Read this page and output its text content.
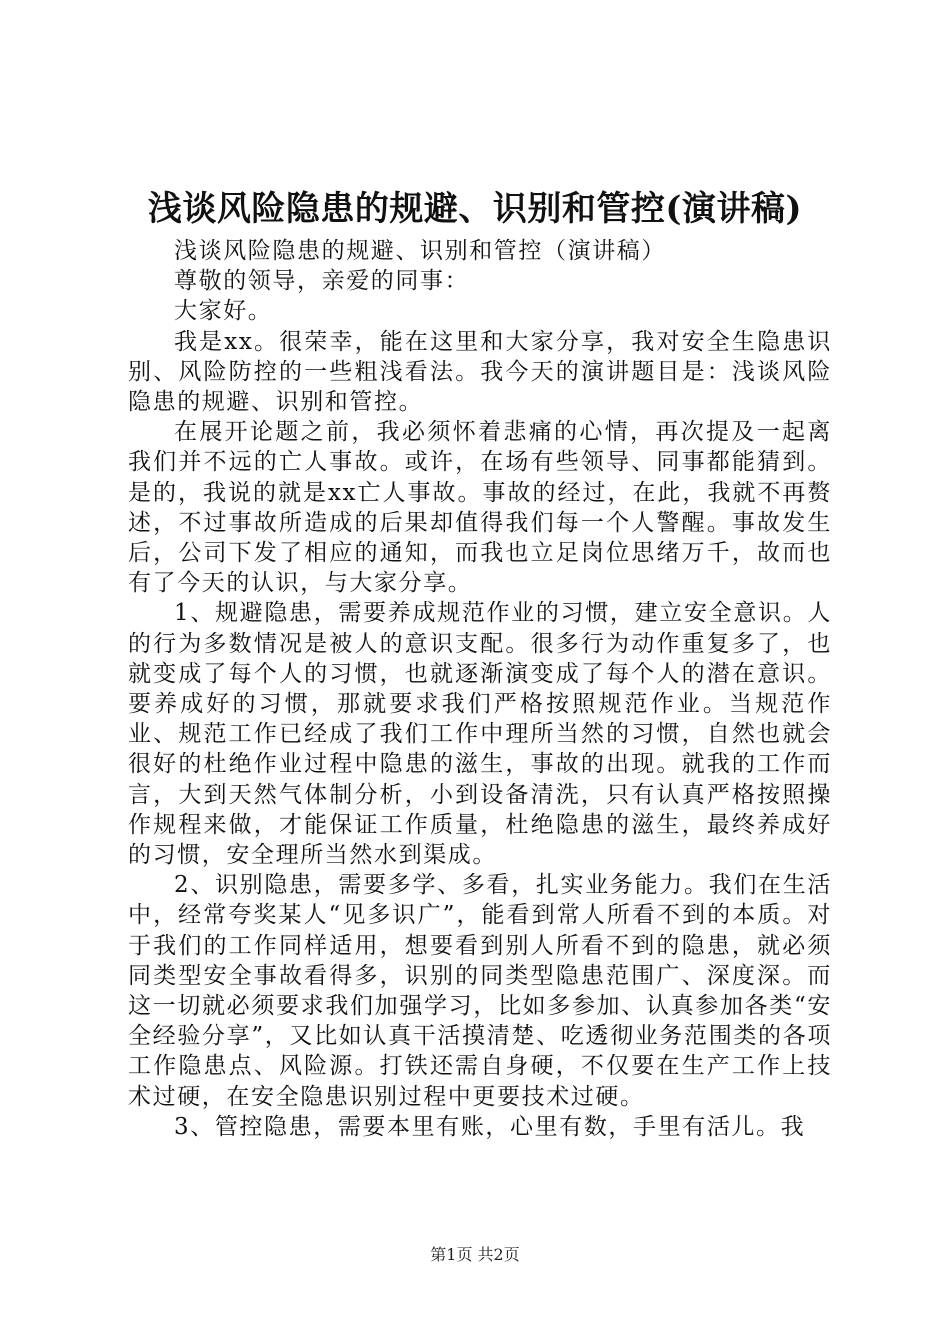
浅谈风险隐患的规避、识别和管控(演讲稿)

浅谈风险隐患的规避、识别和管控（演讲稿）

尊敬的领导，亲爱的同事：

大家好。

我是xx。很荣幸，能在这里和大家分享，我对安全生隐患识别、风险防控的一些粗浅看法。我今天的演讲题目是：浅谈风险隐患的规避、识别和管控。

在展开论题之前，我必须怀着悲痛的心情，再次提及一起离我们并不远的亡人事故。或许，在场有些领导、同事都能猜到。是的，我说的就是xx亡人事故。事故的经过，在此，我就不再赘述，不过事故所造成的后果却值得我们每一个人警醒。事故发生后，公司下发了相应的通知，而我也立足岗位思绪万千，故而也有了今天的认识，与大家分享。

1、规避隐患，需要养成规范作业的习惯，建立安全意识。人的行为多数情况是被人的意识支配。很多行为动作重复多了，也就变成了每个人的习惯，也就逐渐演变成了每个人的潜在意识。要养成好的习惯，那就要求我们严格按照规范作业。当规范作业、规范工作已经成了我们工作中理所当然的习惯，自然也就会很好的杜绝作业过程中隐患的滋生，事故的出现。就我的工作而言，大到天然气体制分析，小到设备清洗，只有认真严格按照操作规程来做，才能保证工作质量，杜绝隐患的滋生，最终养成好的习惯，安全理所当然水到渠成。

2、识别隐患，需要多学、多看，扎实业务能力。我们在生活中，经常夸奖某人“见多识广”，能看到常人所看不到的本质。对于我们的工作同样适用，想要看到别人所看不到的隐患，就必须同类型安全事故看得多，识别的同类型隐患范围广、深度深。而这一切就必须要求我们加强学习，比如多参加、认真参加各类“安全经验分享”，又比如认真干活摸清楚、吃透彻业务范围类的各项工作隐患点、风险源。打铁还需自身硬，不仅要在生产工作上技术过硬，在安全隐患识别过程中更要技术过硬。

3、管控隐患，需要本里有账，心里有数，手里有活儿。我

第1页 共2页
